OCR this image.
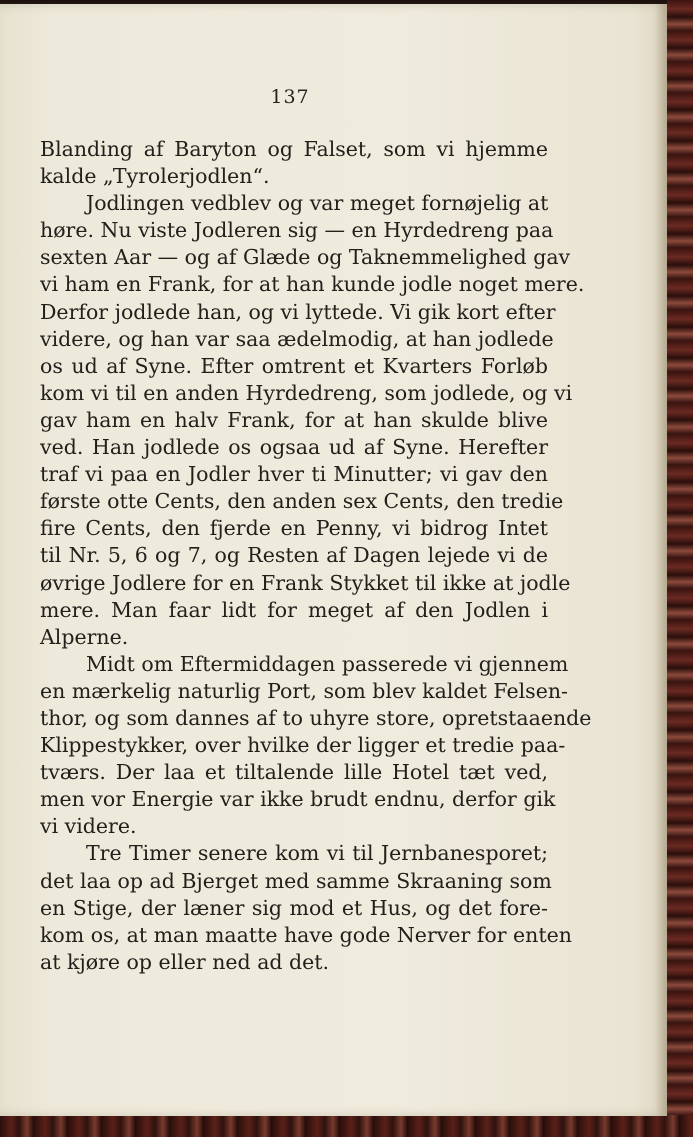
137
Blanding af Baryton og Falset, som vi hjemme
kalde „Tyrolerjodlen“.
Jodlingen vedblev og var meget fornøjelig at
høre. Nu viste Jodleren sig — en Hyrdedreng paa
sexten Aar — og af Glæde og Taknemmelighed gav
vi ham en Frank, for at han kunde jodle noget mere.
Derfor jodlede han, og vi lyttede. Vi gik kort efter
videre, og han var saa ædelmodig, at han jodlede
os ud af Syne. Efter omtrent et Kvarters Forløb
kom vi til en anden Hyrdedreng, som jodlede, og vi
gav ham en halv Frank, for at han skulde blive
ved. Han jodlede os ogsaa ud af Syne. Herefter
traf vi paa en Jodler hver ti Minutter; vi gav den
første otte Cents, den anden sex Cents, den tredie
fire Cents, den fjerde en Penny, vi bidrog Intet
til Nr. 5, 6 og 7, og Resten af Dagen lejede vi de
øvrige Jodlere for en Frank Stykket til ikke at jodle
mere. Man faar lidt for meget af den Jodlen i
Alperne.
Midt om Eftermiddagen passerede vi gjennem
en mærkelig naturlig Port, som blev kaldet Felsen-
thor, og som dannes af to uhyre store, opretstaaende
Klippestykker, over hvilke der ligger et tredie paa-
tværs. Der laa et tiltalende lille Hotel tæt ved,
men vor Energie var ikke brudt endnu, derfor gik
vi videre.
Tre Timer senere kom vi til Jernbanesporet;
det laa op ad Bjerget med samme Skraaning som
en Stige, der læner sig mod et Hus, og det fore-
kom os, at man maatte have gode Nerver for enten
at kjøre op eller ned ad det.
